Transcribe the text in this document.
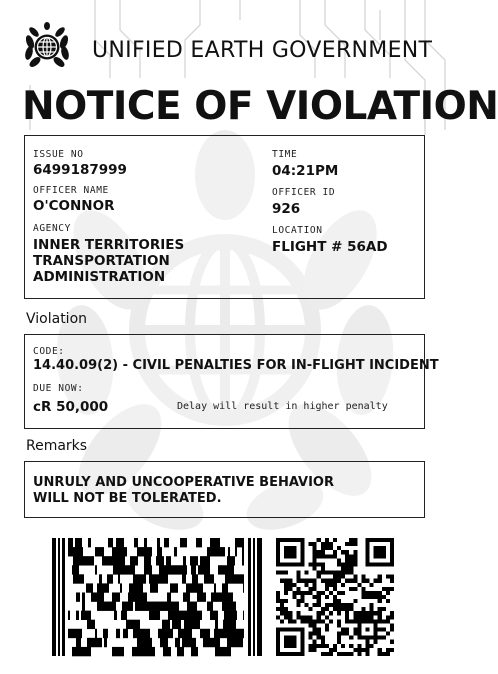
UNIFIED EARTH GOVERNMENT
NOTICE OF VIOLATION
ISSUE NO
6499187999
TIME
04:21PM
OFFICER NAME
O'CONNOR
OFFICER ID
926
AGENCY
INNER TERRITORIES
TRANSPORTATION
ADMINISTRATION
LOCATION
FLIGHT # 56AD
Violation
CODE:
14.40.09(2) - CIVIL PENALTIES FOR IN-FLIGHT INCIDENT
DUE NOW:
cR 50,000	Delay will result in higher penalty
Remarks
UNRULY AND UNCOOPERATIVE BEHAVIOR
WILL NOT BE TOLERATED.
